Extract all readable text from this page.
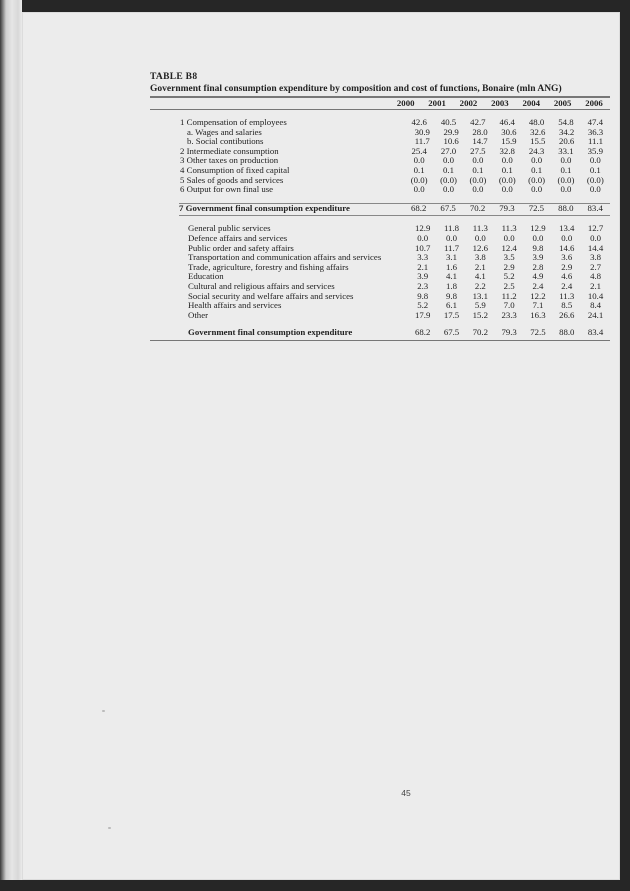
TABLE B8
Government final consumption expenditure by composition and cost of functions, Bonaire (mln ANG)
2000	2001	2002	2003	2004	2005	2006
1 Compensation of employees	42.6	40.5	42.7	46.4	48.0	54.8	47.4
a. Wages and salaries	30.9	29.9	28.0	30.6	32.6	34.2	36.3
b. Social contibutions	11.7	10.6	14.7	15.9	15.5	20.6	11.1
2 Intermediate consumption	25.4	27.0	27.5	32.8	24.3	33.1	35.9
3 Other taxes on production	0.0	0.0	0.0	0.0	0.0	0.0	0.0
4 Consumption of fixed capital	0.1	0.1	0.1	0.1	0.1	0.1	0.1
5 Sales of goods and services	(0.0)	(0.0)	(0.0)	(0.0)	(0.0)	(0.0)	(0.0)
6 Output for own final use	0.0	0.0	0.0	0.0	0.0	0.0	0.0
7 Government final consumption expenditure	68.2	67.5	70.2	79.3	72.5	88.0	83.4
General public services	12.9	11.8	11.3	11.3	12.9	13.4	12.7
Defence affairs and services	0.0	0.0	0.0	0.0	0.0	0.0	0.0
Public order and safety affairs	10.7	11.7	12.6	12.4	9.8	14.6	14.4
Transportation and communication affairs and services	3.3	3.1	3.8	3.5	3.9	3.6	3.8
Trade, agriculture, forestry and fishing affairs	2.1	1.6	2.1	2.9	2.8	2.9	2.7
Education	3.9	4.1	4.1	5.2	4.9	4.6	4.8
Cultural and religious affairs and services	2.3	1.8	2.2	2.5	2.4	2.4	2.1
Social security and welfare affairs and services	9.8	9.8	13.1	11.2	12.2	11.3	10.4
Health affairs and services	5.2	6.1	5.9	7.0	7.1	8.5	8.4
Other	17.9	17.5	15.2	23.3	16.3	26.6	24.1
Government final consumption expenditure	68.2	67.5	70.2	79.3	72.5	88.0	83.4
45
